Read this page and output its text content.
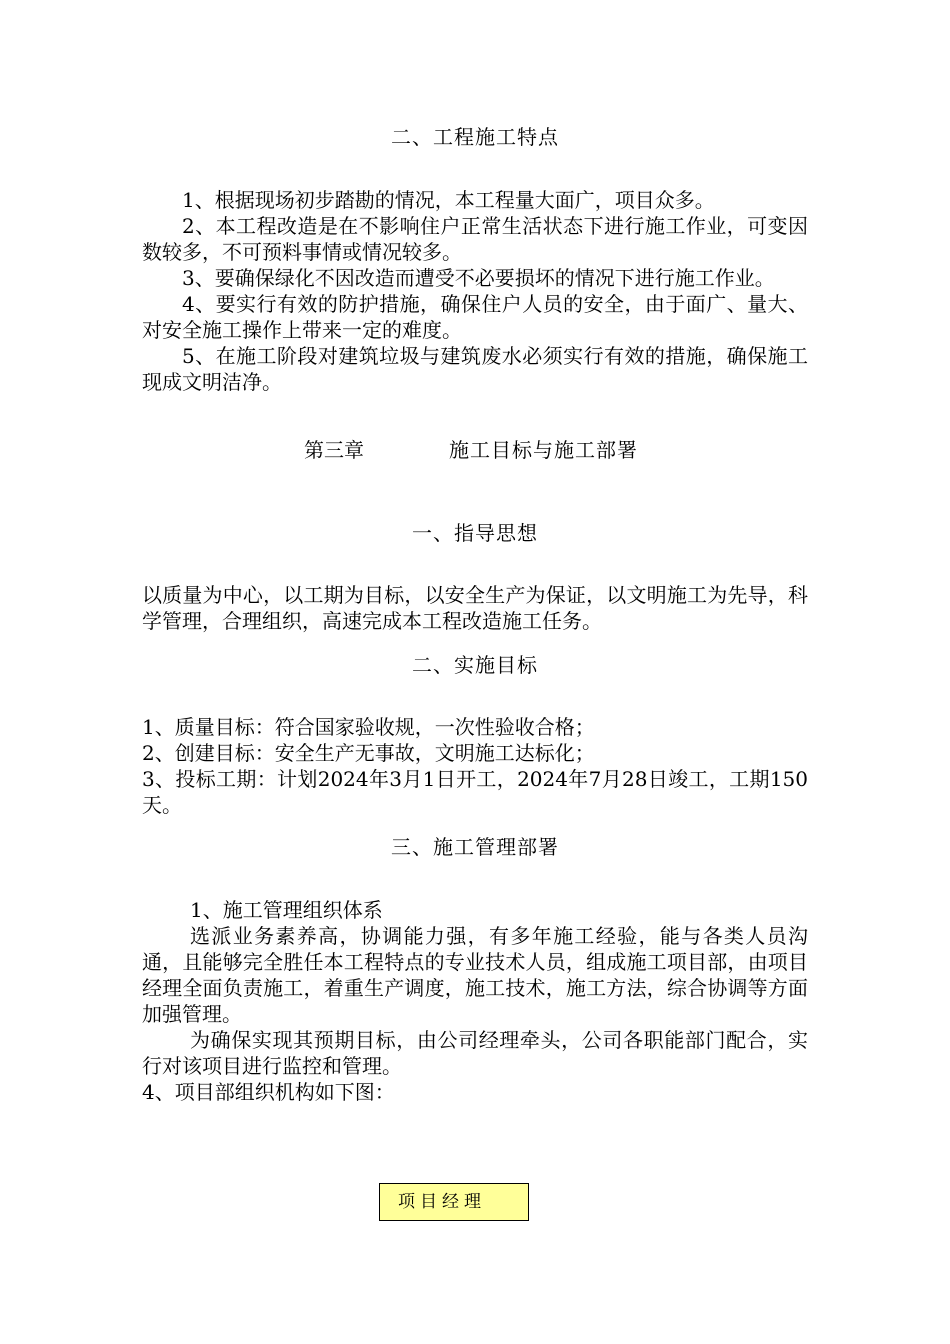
二、工程施工特点

1、根据现场初步踏勘的情况，本工程量大面广，项目众多。

2、本工程改造是在不影响住户正常生活状态下进行施工作业，可变因数较多，不可预料事情或情况较多。

3、要确保绿化不因改造而遭受不必要损坏的情况下进行施工作业。

4、要实行有效的防护措施，确保住户人员的安全，由于面广、量大、对安全施工操作上带来一定的难度。

5、在施工阶段对建筑垃圾与建筑废水必须实行有效的措施，确保施工现成文明洁净。

第三章	施工目标与施工部署
一、指导思想

以质量为中心，以工期为目标，以安全生产为保证，以文明施工为先导，科学管理，合理组织，高速完成本工程改造施工任务。

二、实施目标

1、质量目标：符合国家验收规，一次性验收合格；

2、创建目标：安全生产无事故，文明施工达标化；

3、投标工期：计划2024年3月1日开工，2024年7月28日竣工，工期150天。

三、施工管理部署

1、施工管理组织体系

选派业务素养高，协调能力强，有多年施工经验，能与各类人员沟通，且能够完全胜任本工程特点的专业技术人员，组成施工项目部，由项目经理全面负责施工，着重生产调度，施工技术，施工方法，综合协调等方面加强管理。

为确保实现其预期目标，由公司经理牵头，公司各职能部门配合，实行对该项目进行监控和管理。

4、项目部组织机构如下图：

项目经理
